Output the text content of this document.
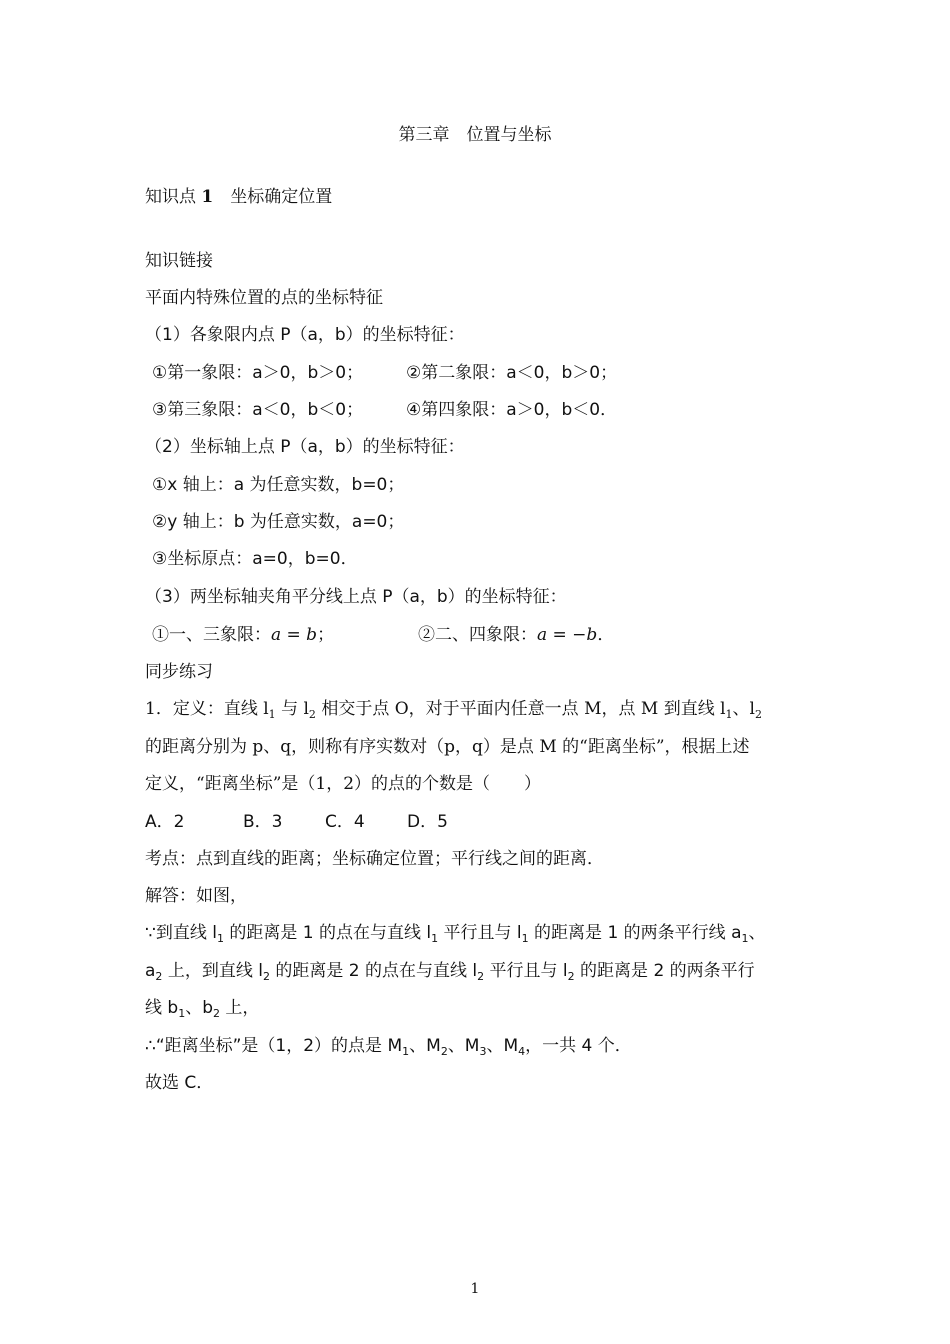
第三章　位置与坐标
知识点 1　坐标确定位置
知识链接
平面内特殊位置的点的坐标特征
（1）各象限内点 P（a，b）的坐标特征：
①第一象限：a＞0，b＞0；	②第二象限：a＜0，b＞0；
③第三象限：a＜0，b＜0；	④第四象限：a＞0，b＜0．
（2）坐标轴上点 P（a，b）的坐标特征：
①x 轴上：a 为任意实数，b=0；
②y 轴上：b 为任意实数，a=0；
③坐标原点：a=0，b=0．
（3）两坐标轴夹角平分线上点 P（a，b）的坐标特征：
①一、三象限：a = b；	②二、四象限：a = −b．
同步练习
1．定义：直线 $l_1$ 与 $l_2$ 相交于点 O，对于平面内任意一点 M，点 M 到直线 $l_1$、$l_2$
的距离分别为 p、q，则称有序实数对（p，q）是点 M 的“距离坐标”，根据上述
定义，“距离坐标”是（1，2）的点的个数是（　　）
A．2	B．3	C．4 D．5
考点：点到直线的距离；坐标确定位置；平行线之间的距离．
解答：如图，
∵到直线 $l_1$ 的距离是 1 的点在与直线 $l_1$ 平行且与 $l_1$ 的距离是 1 的两条平行线 $a_1$、
$a_2$ 上，到直线 $l_2$ 的距离是 2 的点在与直线 $l_2$ 平行且与 $l_2$ 的距离是 2 的两条平行
线 $b_1$、$b_2$ 上，
∴“距离坐标”是（1，2）的点是 $M_1$、$M_2$、$M_3$、$M_4$，一共 4 个．
故选 C．
1
